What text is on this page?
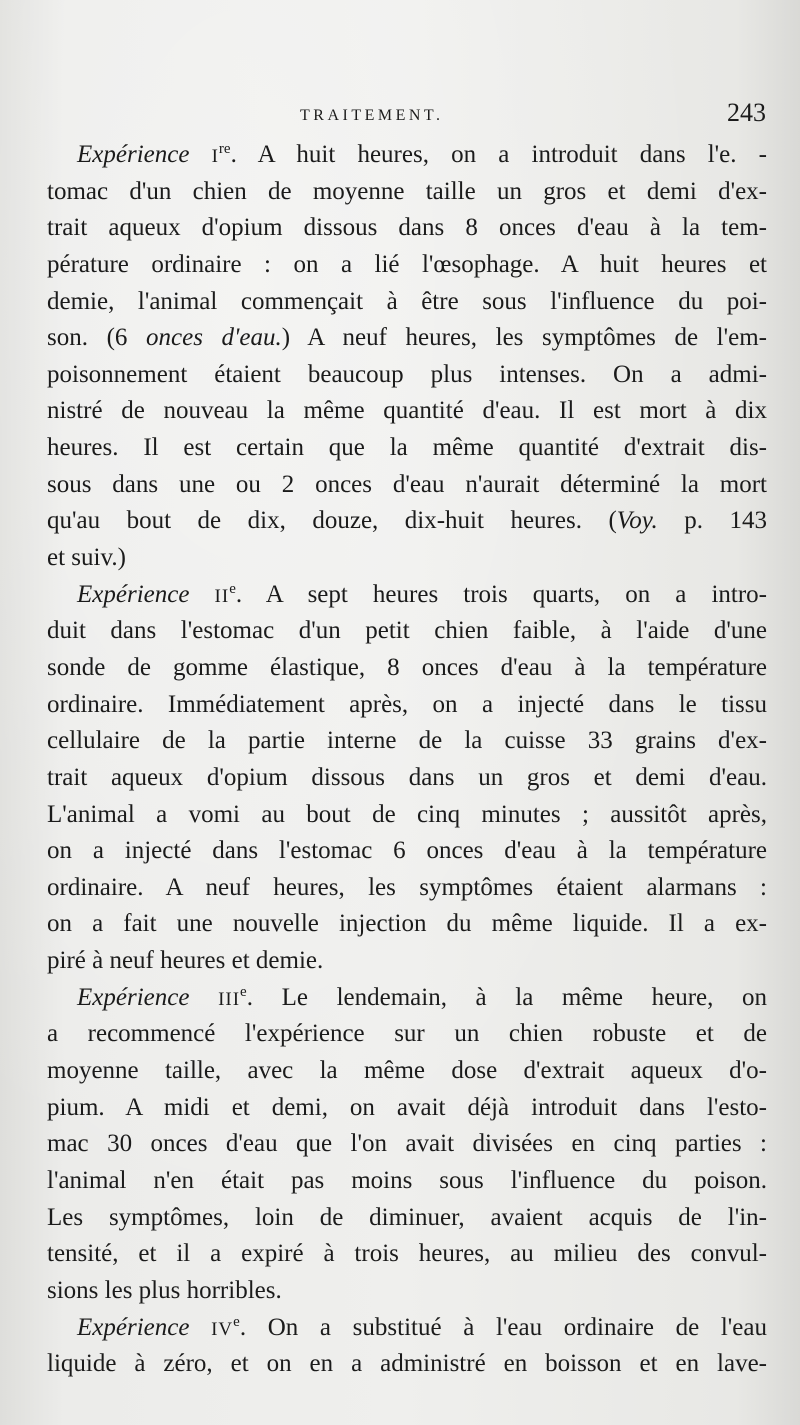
TRAITEMENT.	243
Expérience Ire. A huit heures, on a introduit dans l'e. -
tomac d'un chien de moyenne taille un gros et demi d'ex-
trait aqueux d'opium dissous dans 8 onces d'eau à la tem-
pérature ordinaire : on a lié l'œsophage. A huit heures et
demie, l'animal commençait à être sous l'influence du poi-
son. (6 onces d'eau.) A neuf heures, les symptômes de l'em-
poisonnement étaient beaucoup plus intenses. On a admi-
nistré de nouveau la même quantité d'eau. Il est mort à dix
heures. Il est certain que la même quantité d'extrait dis-
sous dans une ou 2 onces d'eau n'aurait déterminé la mort
qu'au bout de dix, douze, dix-huit heures. (Voy. p. 143
et suiv.)
Expérience IIe. A sept heures trois quarts, on a intro-
duit dans l'estomac d'un petit chien faible, à l'aide d'une
sonde de gomme élastique, 8 onces d'eau à la température
ordinaire. Immédiatement après, on a injecté dans le tissu
cellulaire de la partie interne de la cuisse 33 grains d'ex-
trait aqueux d'opium dissous dans un gros et demi d'eau.
L'animal a vomi au bout de cinq minutes ; aussitôt après,
on a injecté dans l'estomac 6 onces d'eau à la température
ordinaire. A neuf heures, les symptômes étaient alarmans :
on a fait une nouvelle injection du même liquide. Il a ex-
piré à neuf heures et demie.
Expérience IIIe. Le lendemain, à la même heure, on
a recommencé l'expérience sur un chien robuste et de
moyenne taille, avec la même dose d'extrait aqueux d'o-
pium. A midi et demi, on avait déjà introduit dans l'esto-
mac 30 onces d'eau que l'on avait divisées en cinq parties :
l'animal n'en était pas moins sous l'influence du poison.
Les symptômes, loin de diminuer, avaient acquis de l'in-
tensité, et il a expiré à trois heures, au milieu des convul-
sions les plus horribles.
Expérience IVe. On a substitué à l'eau ordinaire de l'eau
liquide à zéro, et on en a administré en boisson et en lave-
